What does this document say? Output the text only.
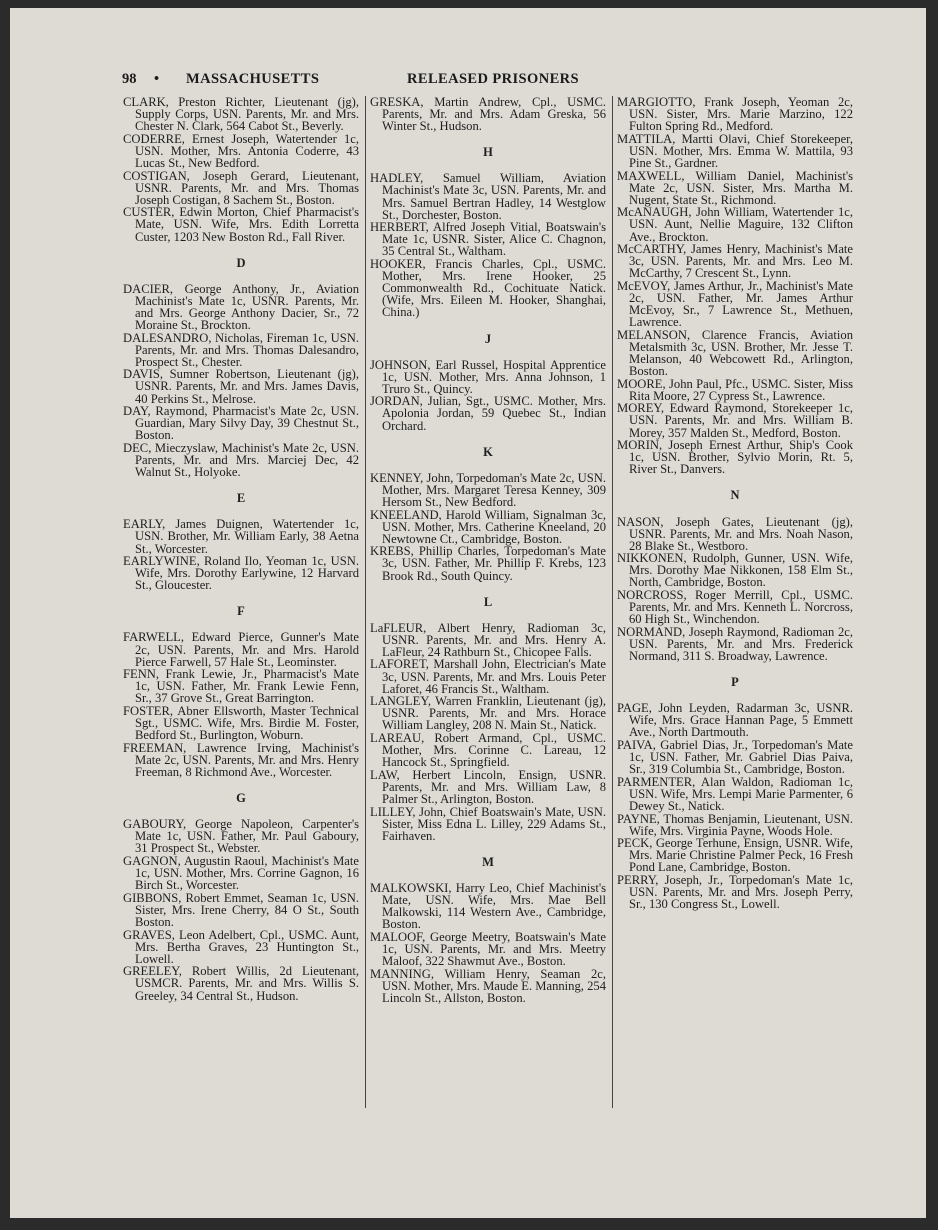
98 • MASSACHUSETTS	RELEASED PRISONERS
CLARK, Preston Richter, Lieutenant (jg), Supply Corps, USN. Parents, Mr. and Mrs. Chester N. Clark, 564 Cabot St., Beverly.
CODERRE, Ernest Joseph, Watertender 1c, USN. Mother, Mrs. Antonia Coderre, 43 Lucas St., New Bedford.
COSTIGAN, Joseph Gerard, Lieutenant, USNR. Parents, Mr. and Mrs. Thomas Joseph Costigan, 8 Sachem St., Boston.
CUSTER, Edwin Morton, Chief Pharmacist's Mate, USN. Wife, Mrs. Edith Lorretta Custer, 1203 New Boston Rd., Fall River.
D
DACIER, George Anthony, Jr., Aviation Machinist's Mate 1c, USNR. Parents, Mr. and Mrs. George Anthony Dacier, Sr., 72 Moraine St., Brockton.
DALESANDRO, Nicholas, Fireman 1c, USN. Parents, Mr. and Mrs. Thomas Dalesandro, Prospect St., Chester.
DAVIS, Sumner Robertson, Lieutenant (jg), USNR. Parents, Mr. and Mrs. James Davis, 40 Perkins St., Melrose.
DAY, Raymond, Pharmacist's Mate 2c, USN. Guardian, Mary Silvy Day, 39 Chestnut St., Boston.
DEC, Mieczyslaw, Machinist's Mate 2c, USN. Parents, Mr. and Mrs. Marciej Dec, 42 Walnut St., Holyoke.
E
EARLY, James Duignen, Watertender 1c, USN. Brother, Mr. William Early, 38 Aetna St., Worcester.
EARLYWINE, Roland Ilo, Yeoman 1c, USN. Wife, Mrs. Dorothy Earlywine, 12 Harvard St., Gloucester.
F
FARWELL, Edward Pierce, Gunner's Mate 2c, USN. Parents, Mr. and Mrs. Harold Pierce Farwell, 57 Hale St., Leominster.
FENN, Frank Lewie, Jr., Pharmacist's Mate 1c, USN. Father, Mr. Frank Lewie Fenn, Sr., 37 Grove St., Great Barrington.
FOSTER, Abner Ellsworth, Master Technical Sgt., USMC. Wife, Mrs. Birdie M. Foster, Bedford St., Burlington, Woburn.
FREEMAN, Lawrence Irving, Machinist's Mate 2c, USN. Parents, Mr. and Mrs. Henry Freeman, 8 Richmond Ave., Worcester.
G
GABOURY, George Napoleon, Carpenter's Mate 1c, USN. Father, Mr. Paul Gaboury, 31 Prospect St., Webster.
GAGNON, Augustin Raoul, Machinist's Mate 1c, USN. Mother, Mrs. Corrine Gagnon, 16 Birch St., Worcester.
GIBBONS, Robert Emmet, Seaman 1c, USN. Sister, Mrs. Irene Cherry, 84 O St., South Boston.
GRAVES, Leon Adelbert, Cpl., USMC. Aunt, Mrs. Bertha Graves, 23 Huntington St., Lowell.
GREELEY, Robert Willis, 2d Lieutenant, USMCR. Parents, Mr. and Mrs. Willis S. Greeley, 34 Central St., Hudson.
GRESKA, Martin Andrew, Cpl., USMC. Parents, Mr. and Mrs. Adam Greska, 56 Winter St., Hudson.
H
HADLEY, Samuel William, Aviation Machinist's Mate 3c, USN. Parents, Mr. and Mrs. Samuel Bertran Hadley, 14 Westglow St., Dorchester, Boston.
HERBERT, Alfred Joseph Vitial, Boatswain's Mate 1c, USNR. Sister, Alice C. Chagnon, 35 Central St., Waltham.
HOOKER, Francis Charles, Cpl., USMC. Mother, Mrs. Irene Hooker, 25 Commonwealth Rd., Cochituate Natick. (Wife, Mrs. Eileen M. Hooker, Shanghai, China.)
J
JOHNSON, Earl Russel, Hospital Apprentice 1c, USN. Mother, Mrs. Anna Johnson, 1 Truro St., Quincy.
JORDAN, Julian, Sgt., USMC. Mother, Mrs. Apolonia Jordan, 59 Quebec St., Indian Orchard.
K
KENNEY, John, Torpedoman's Mate 2c, USN. Mother, Mrs. Margaret Teresa Kenney, 309 Hersom St., New Bedford.
KNEELAND, Harold William, Signalman 3c, USN. Mother, Mrs. Catherine Kneeland, 20 Newtowne Ct., Cambridge, Boston.
KREBS, Phillip Charles, Torpedoman's Mate 3c, USN. Father, Mr. Phillip F. Krebs, 123 Brook Rd., South Quincy.
L
LaFLEUR, Albert Henry, Radioman 3c, USNR. Parents, Mr. and Mrs. Henry A. LaFleur, 24 Rathburn St., Chicopee Falls.
LAFORET, Marshall John, Electrician's Mate 3c, USN. Parents, Mr. and Mrs. Louis Peter Laforet, 46 Francis St., Waltham.
LANGLEY, Warren Franklin, Lieutenant (jg), USNR. Parents, Mr. and Mrs. Horace William Langley, 208 N. Main St., Natick.
LAREAU, Robert Armand, Cpl., USMC. Mother, Mrs. Corinne C. Lareau, 12 Hancock St., Springfield.
LAW, Herbert Lincoln, Ensign, USNR. Parents, Mr. and Mrs. William Law, 8 Palmer St., Arlington, Boston.
LILLEY, John, Chief Boatswain's Mate, USN. Sister, Miss Edna L. Lilley, 229 Adams St., Fairhaven.
M
MALKOWSKI, Harry Leo, Chief Machinist's Mate, USN. Wife, Mrs. Mae Bell Malkowski, 114 Western Ave., Cambridge, Boston.
MALOOF, George Meetry, Boatswain's Mate 1c, USN. Parents, Mr. and Mrs. Meetry Maloof, 322 Shawmut Ave., Boston.
MANNING, William Henry, Seaman 2c, USN. Mother, Mrs. Maude E. Manning, 254 Lincoln St., Allston, Boston.
MARGIOTTO, Frank Joseph, Yeoman 2c, USN. Sister, Mrs. Marie Marzino, 122 Fulton Spring Rd., Medford.
MATTILA, Martti Olavi, Chief Storekeeper, USN. Mother, Mrs. Emma W. Mattila, 93 Pine St., Gardner.
MAXWELL, William Daniel, Machinist's Mate 2c, USN. Sister, Mrs. Martha M. Nugent, State St., Richmond.
McANAUGH, John William, Watertender 1c, USN. Aunt, Nellie Maguire, 132 Clifton Ave., Brockton.
McCARTHY, James Henry, Machinist's Mate 3c, USN. Parents, Mr. and Mrs. Leo M. McCarthy, 7 Crescent St., Lynn.
McEVOY, James Arthur, Jr., Machinist's Mate 2c, USN. Father, Mr. James Arthur McEvoy, Sr., 7 Lawrence St., Methuen, Lawrence.
MELANSON, Clarence Francis, Aviation Metalsmith 3c, USN. Brother, Mr. Jesse T. Melanson, 40 Webcowett Rd., Arlington, Boston.
MOORE, John Paul, Pfc., USMC. Sister, Miss Rita Moore, 27 Cypress St., Lawrence.
MOREY, Edward Raymond, Storekeeper 1c, USN. Parents, Mr. and Mrs. William B. Morey, 357 Malden St., Medford, Boston.
MORIN, Joseph Ernest Arthur, Ship's Cook 1c, USN. Brother, Sylvio Morin, Rt. 5, River St., Danvers.
N
NASON, Joseph Gates, Lieutenant (jg), USNR. Parents, Mr. and Mrs. Noah Nason, 28 Blake St., Westboro.
NIKKONEN, Rudolph, Gunner, USN. Wife, Mrs. Dorothy Mae Nikkonen, 158 Elm St., North, Cambridge, Boston.
NORCROSS, Roger Merrill, Cpl., USMC. Parents, Mr. and Mrs. Kenneth L. Norcross, 60 High St., Winchendon.
NORMAND, Joseph Raymond, Radioman 2c, USN. Parents, Mr. and Mrs. Frederick Normand, 311 S. Broadway, Lawrence.
P
PAGE, John Leyden, Radarman 3c, USNR. Wife, Mrs. Grace Hannan Page, 5 Emmett Ave., North Dartmouth.
PAIVA, Gabriel Dias, Jr., Torpedoman's Mate 1c, USN. Father, Mr. Gabriel Dias Paiva, Sr., 319 Columbia St., Cambridge, Boston.
PARMENTER, Alan Waldon, Radioman 1c, USN. Wife, Mrs. Lempi Marie Parmenter, 6 Dewey St., Natick.
PAYNE, Thomas Benjamin, Lieutenant, USN. Wife, Mrs. Virginia Payne, Woods Hole.
PECK, George Terhune, Ensign, USNR. Wife, Mrs. Marie Christine Palmer Peck, 16 Fresh Pond Lane, Cambridge, Boston.
PERRY, Joseph, Jr., Torpedoman's Mate 1c, USN. Parents, Mr. and Mrs. Joseph Perry, Sr., 130 Congress St., Lowell.
